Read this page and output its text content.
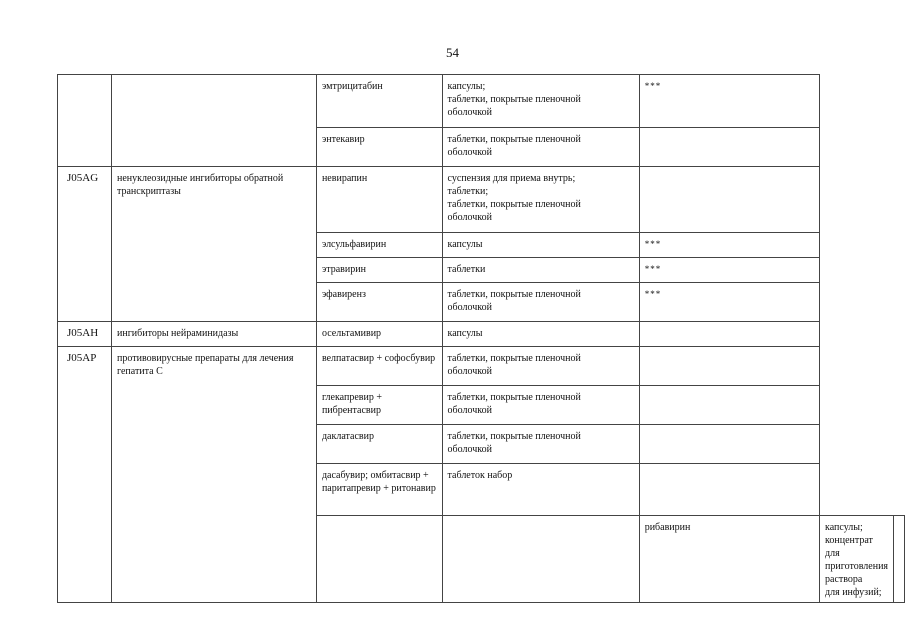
54
		эмтрицитабин	капсулы;
таблетки, покрытые пленочной
оболочкой	***		
		энтекавир	таблетки, покрытые пленочной
оболочкой			

J05AG	ненуклеозидные ингибиторы обратной транскриптазы	невирапин	суспензия для приема внутрь;
таблетки;
таблетки, покрытые пленочной
оболочкой			

		элсульфавирин	капсулы	***		
		этравирин	таблетки	***		
		эфавиренз	таблетки, покрытые пленочной
оболочкой	***		
J05AH	ингибиторы нейраминидазы	осельтамивир	капсулы			

J05AP	противовирусные препараты для лечения гепатита C	велпатасвир + софосбувир	таблетки, покрытые пленочной
оболочкой			

		глекапревир + пибрентасвир	таблетки, покрытые пленочной
оболочкой			

		даклатасвир	таблетки, покрытые пленочной
оболочкой			

		дасабувир; омбитасвир + паритапревир + ритонавир	таблеток набор			

				рибавирин	капсулы;
концентрат для приготовления раствора
для инфузий;	
